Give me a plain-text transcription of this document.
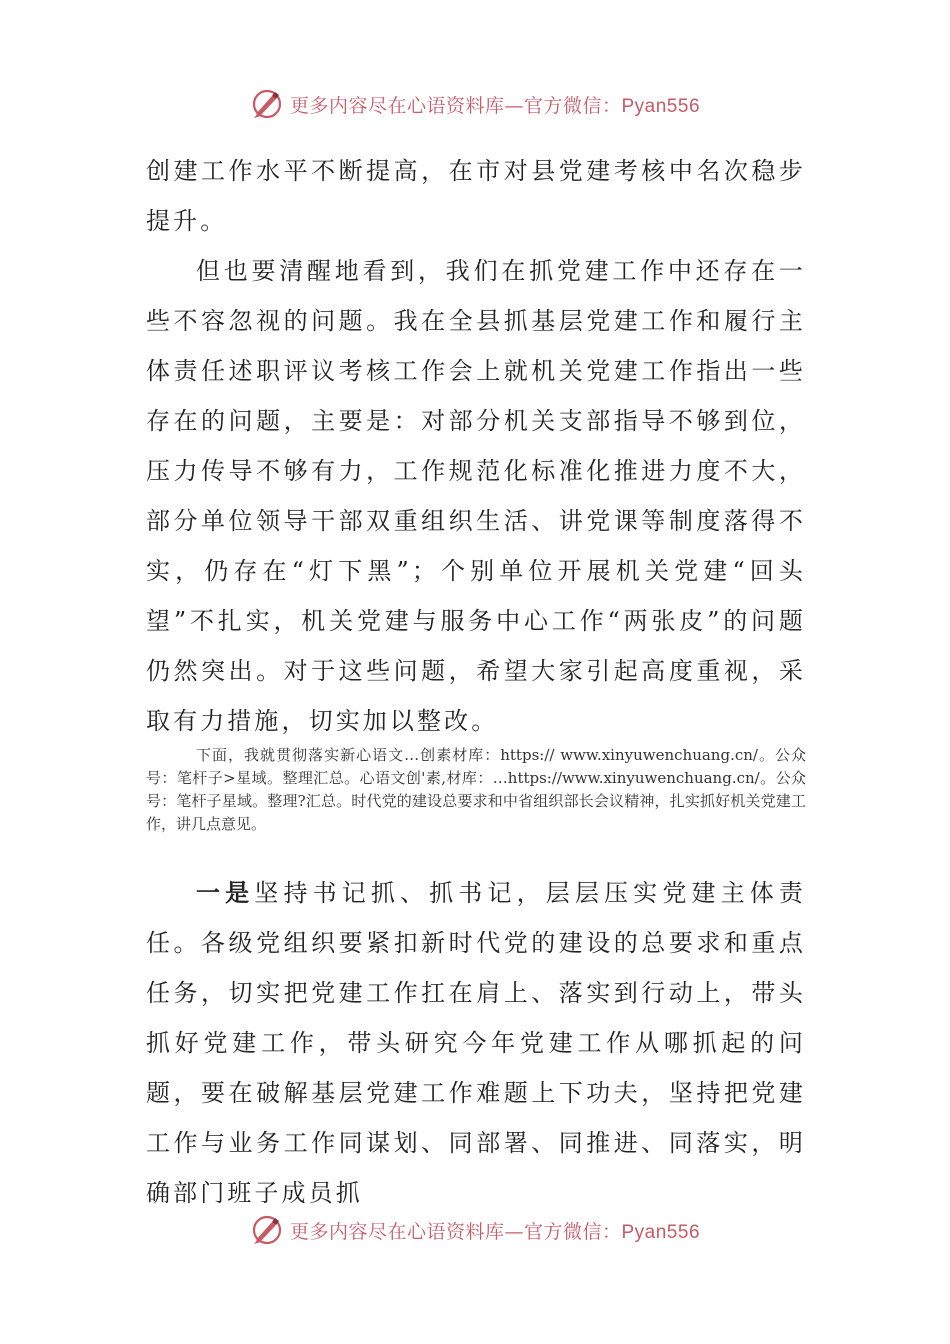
更多内容尽在心语资料库—官方微信：Pyan556

创建工作水平不断提高，在市对县党建考核中名次稳步提升。

但也要清醒地看到，我们在抓党建工作中还存在一些不容忽视的问题。我在全县抓基层党建工作和履行主体责任述职评议考核工作会上就机关党建工作指出一些存在的问题，主要是：对部分机关支部指导不够到位，压力传导不够有力，工作规范化标准化推进力度不大，部分单位领导干部双重组织生活、讲党课等制度落得不实，仍存在“灯下黑”；个别单位开展机关党建“回头望”不扎实，机关党建与服务中心工作“两张皮”的问题仍然突出。对于这些问题，希望大家引起高度重视，采取有力措施，切实加以整改。

下面，我就贯彻落实新心语文…创素材库：https:// www.xinyuwenchuang.cn/。公众号：笔杆子>星域。整理汇总。心语文创'素,材库：…https://www.xinyuwenchuang.cn/。公众号：笔杆子星域。整理?汇总。时代党的建设总要求和中省组织部长会议精神，扎实抓好机关党建工作，讲几点意见。

一是坚持书记抓、抓书记，层层压实党建主体责任。各级党组织要紧扣新时代党的建设的总要求和重点任务，切实把党建工作扛在肩上、落实到行动上，带头抓好党建工作，带头研究今年党建工作从哪抓起的问题，要在破解基层党建工作难题上下功夫，坚持把党建工作与业务工作同谋划、同部署、同推进、同落实，明确部门班子成员抓

更多内容尽在心语资料库—官方微信：Pyan556
